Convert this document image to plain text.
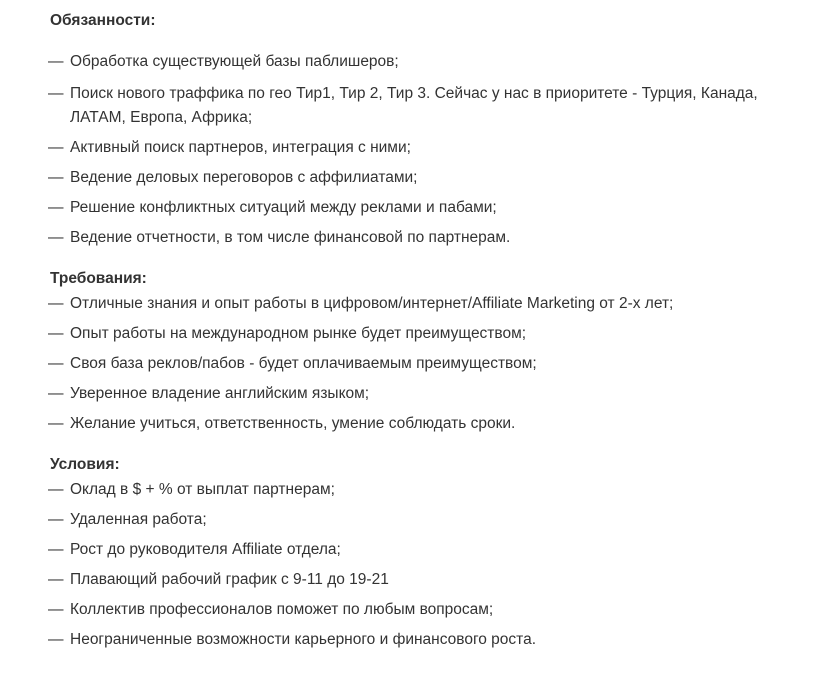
Обязанности:
— Обработка существующей базы паблишеров;
— Поиск нового траффика по гео Тир1, Тир 2, Тир 3. Сейчас у нас в приоритете - Турция, Канада, ЛАТАМ, Европа, Африка;
— Активный поиск партнеров, интеграция с ними;
— Ведение деловых переговоров с аффилиатами;
— Решение конфликтных ситуаций между реклами и пабами;
— Ведение отчетности, в том числе финансовой по партнерам.
Требования:
— Отличные знания и опыт работы в цифровом/интернет/Affiliate Marketing от 2-х лет;
— Опыт работы на международном рынке будет преимуществом;
— Своя база реклов/пабов - будет оплачиваемым преимуществом;
— Уверенное владение английским языком;
— Желание учиться, ответственность, умение соблюдать сроки.
Условия:
— Оклад в $ + % от выплат партнерам;
— Удаленная работа;
— Рост до руководителя Affiliate отдела;
— Плавающий рабочий график с 9-11 до 19-21
— Коллектив профессионалов поможет по любым вопросам;
— Неограниченные возможности карьерного и финансового роста.
